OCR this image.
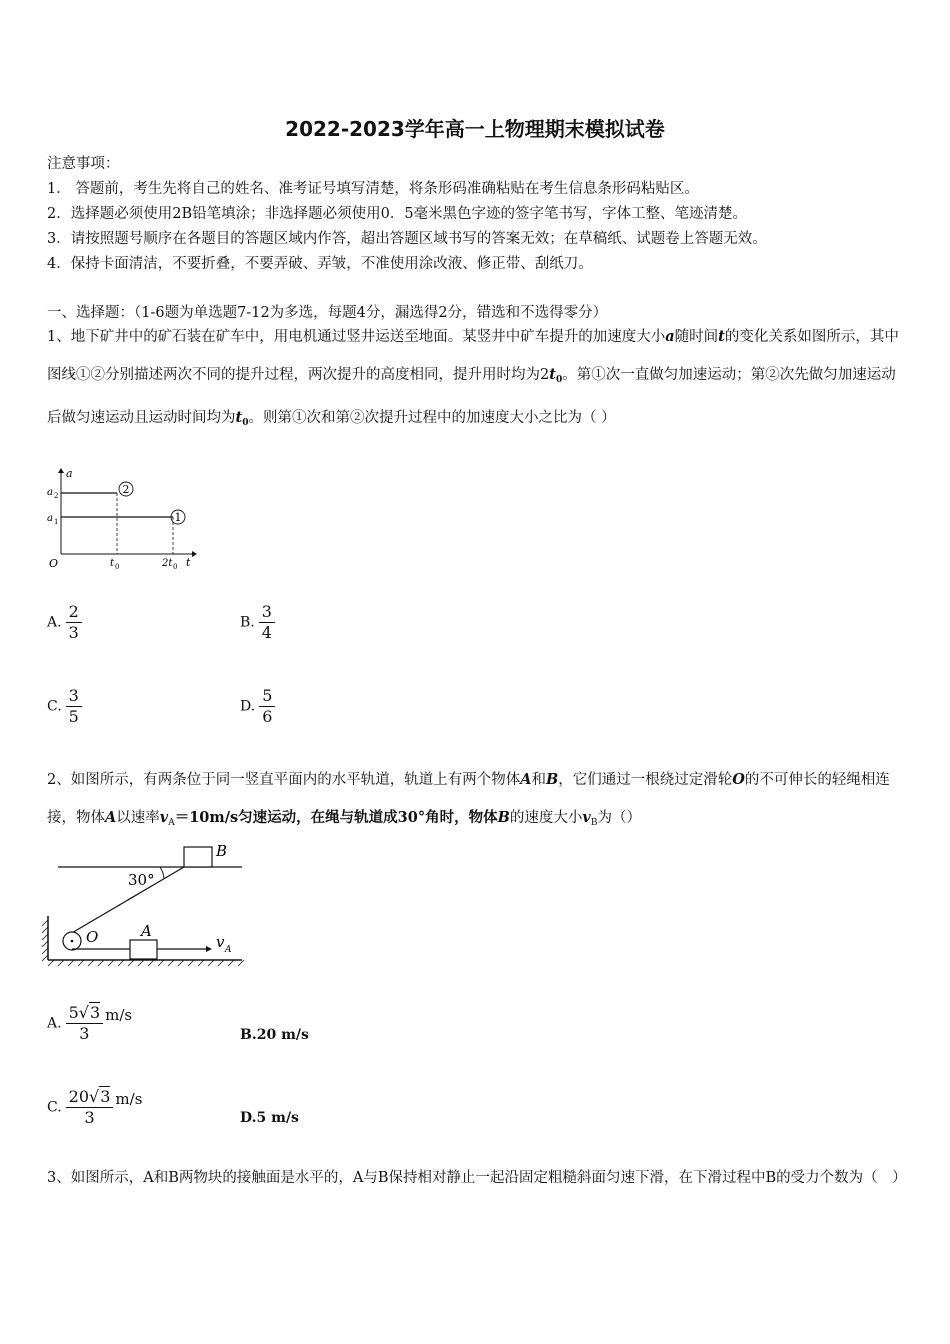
2022-2023学年高一上物理期末模拟试卷
注意事项：
1． 答题前，考生先将自己的姓名、准考证号填写清楚，将条形码准确粘贴在考生信息条形码粘贴区。
2．选择题必须使用2B铅笔填涂；非选择题必须使用0．5毫米黑色字迹的签字笔书写，字体工整、笔迹清楚。
3．请按照题号顺序在各题目的答题区域内作答，超出答题区域书写的答案无效；在草稿纸、试题卷上答题无效。
4．保持卡面清洁，不要折叠，不要弄破、弄皱，不准使用涂改液、修正带、刮纸刀。
一、选择题：（1-6题为单选题7-12为多选，每题4分，漏选得2分，错选和不选得零分）
1、地下矿井中的矿石装在矿车中，用电机通过竖井运送至地面。某竖井中矿车提升的加速度大小a随时间t的变化关系如图所示，其中图线①②分别描述两次不同的提升过程，两次提升的高度相同，提升用时均为$2t_0$。第①次一直做匀加速运动；第②次先做匀加速运动后做匀速运动且运动时间均为$t_0$。则第①次和第②次提升过程中的加速度大小之比为（ ）
2
1
a
a 2
a 1
O	t 0	2t 0 t
A. $\frac{2}{3}$	B. $\frac{3}{4}$
C. $\frac{3}{5}$	D. $\frac{5}{6}$
2、如图所示，有两条位于同一竖直平面内的水平轨道，轨道上有两个物体A和B，它们通过一根绕过定滑轮O的不可伸长的轻绳相连接，物体A以速率$v_A=10m/s$匀速运动，在绳与轨道成30°角时，物体B的速度大小$v_B$为（）
B
30°
O	A
v A
A. $\frac{5√3}{3} m/s$
B.20 m/s
C. $\frac{20√3}{3} m/s$
D.5 m/s
3、如图所示，A和B两物块的接触面是水平的，A与B保持相对静止一起沿固定粗糙斜面匀速下滑，在下滑过程中B的受力个数为（　）
